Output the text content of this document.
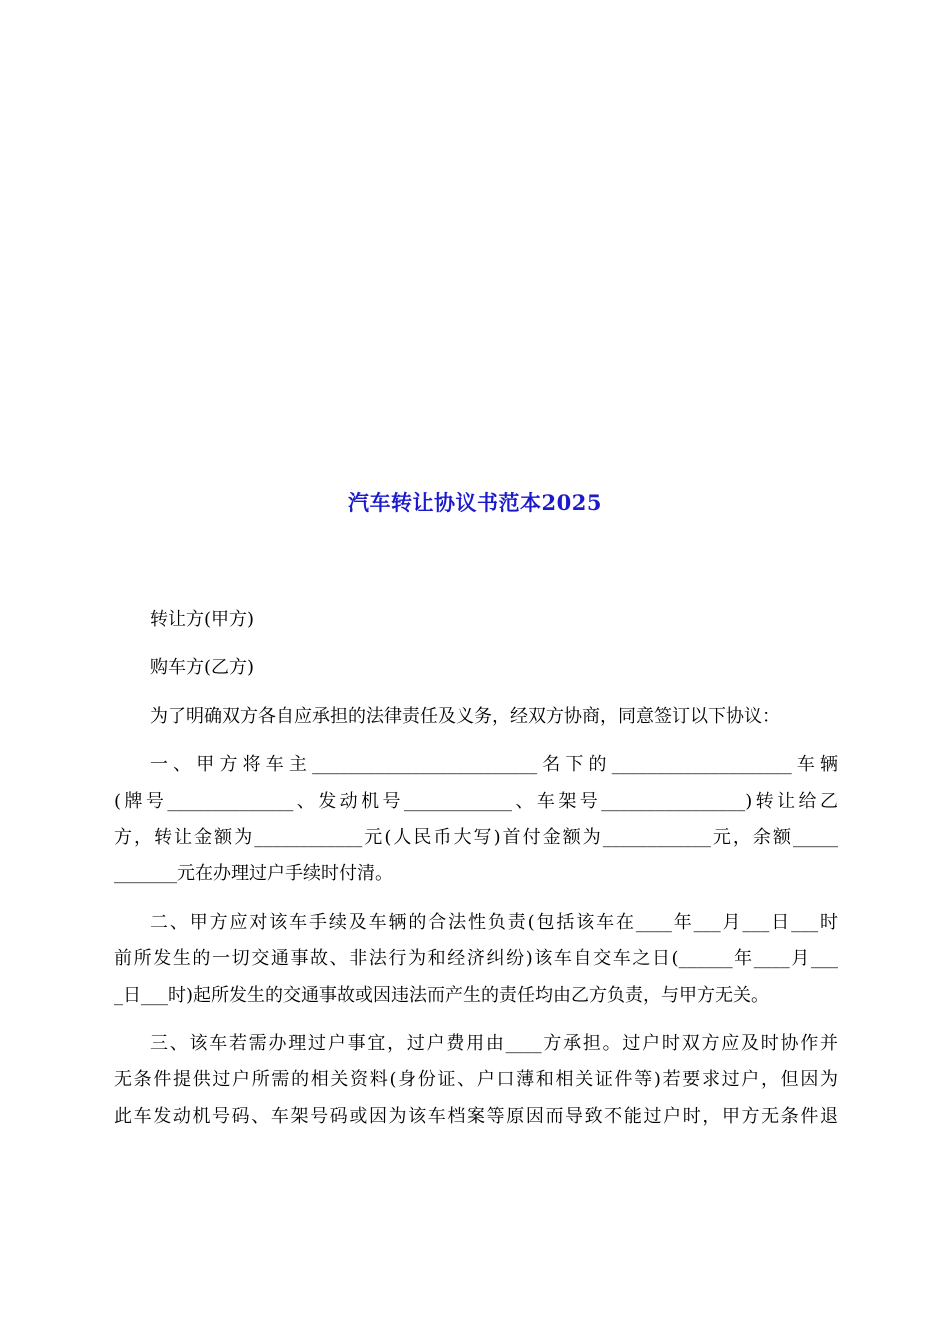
汽车转让协议书范本2025

转让方(甲方)

购车方(乙方)

为了明确双方各自应承担的法律责任及义务，经双方协商，同意签订以下协议：

一、甲方将车主_________________________名下的____________________车辆
(牌号______________、发动机号____________、车架号________________)转让给乙
方，转让金额为____________元(人民币大写)首付金额为____________元，余额_____
_______元在办理过户手续时付清。
二、甲方应对该车手续及车辆的合法性负责(包括该车在____年___月___日___时
前所发生的一切交通事故、非法行为和经济纠纷)该车自交车之日(______年____月___
_日___时)起所发生的交通事故或因违法而产生的责任均由乙方负责，与甲方无关。
三、该车若需办理过户事宜，过户费用由____方承担。过户时双方应及时协作并
无条件提供过户所需的相关资料(身份证、户口薄和相关证件等)若要求过户，但因为
此车发动机号码、车架号码或因为该车档案等原因而导致不能过户时，甲方无条件退
